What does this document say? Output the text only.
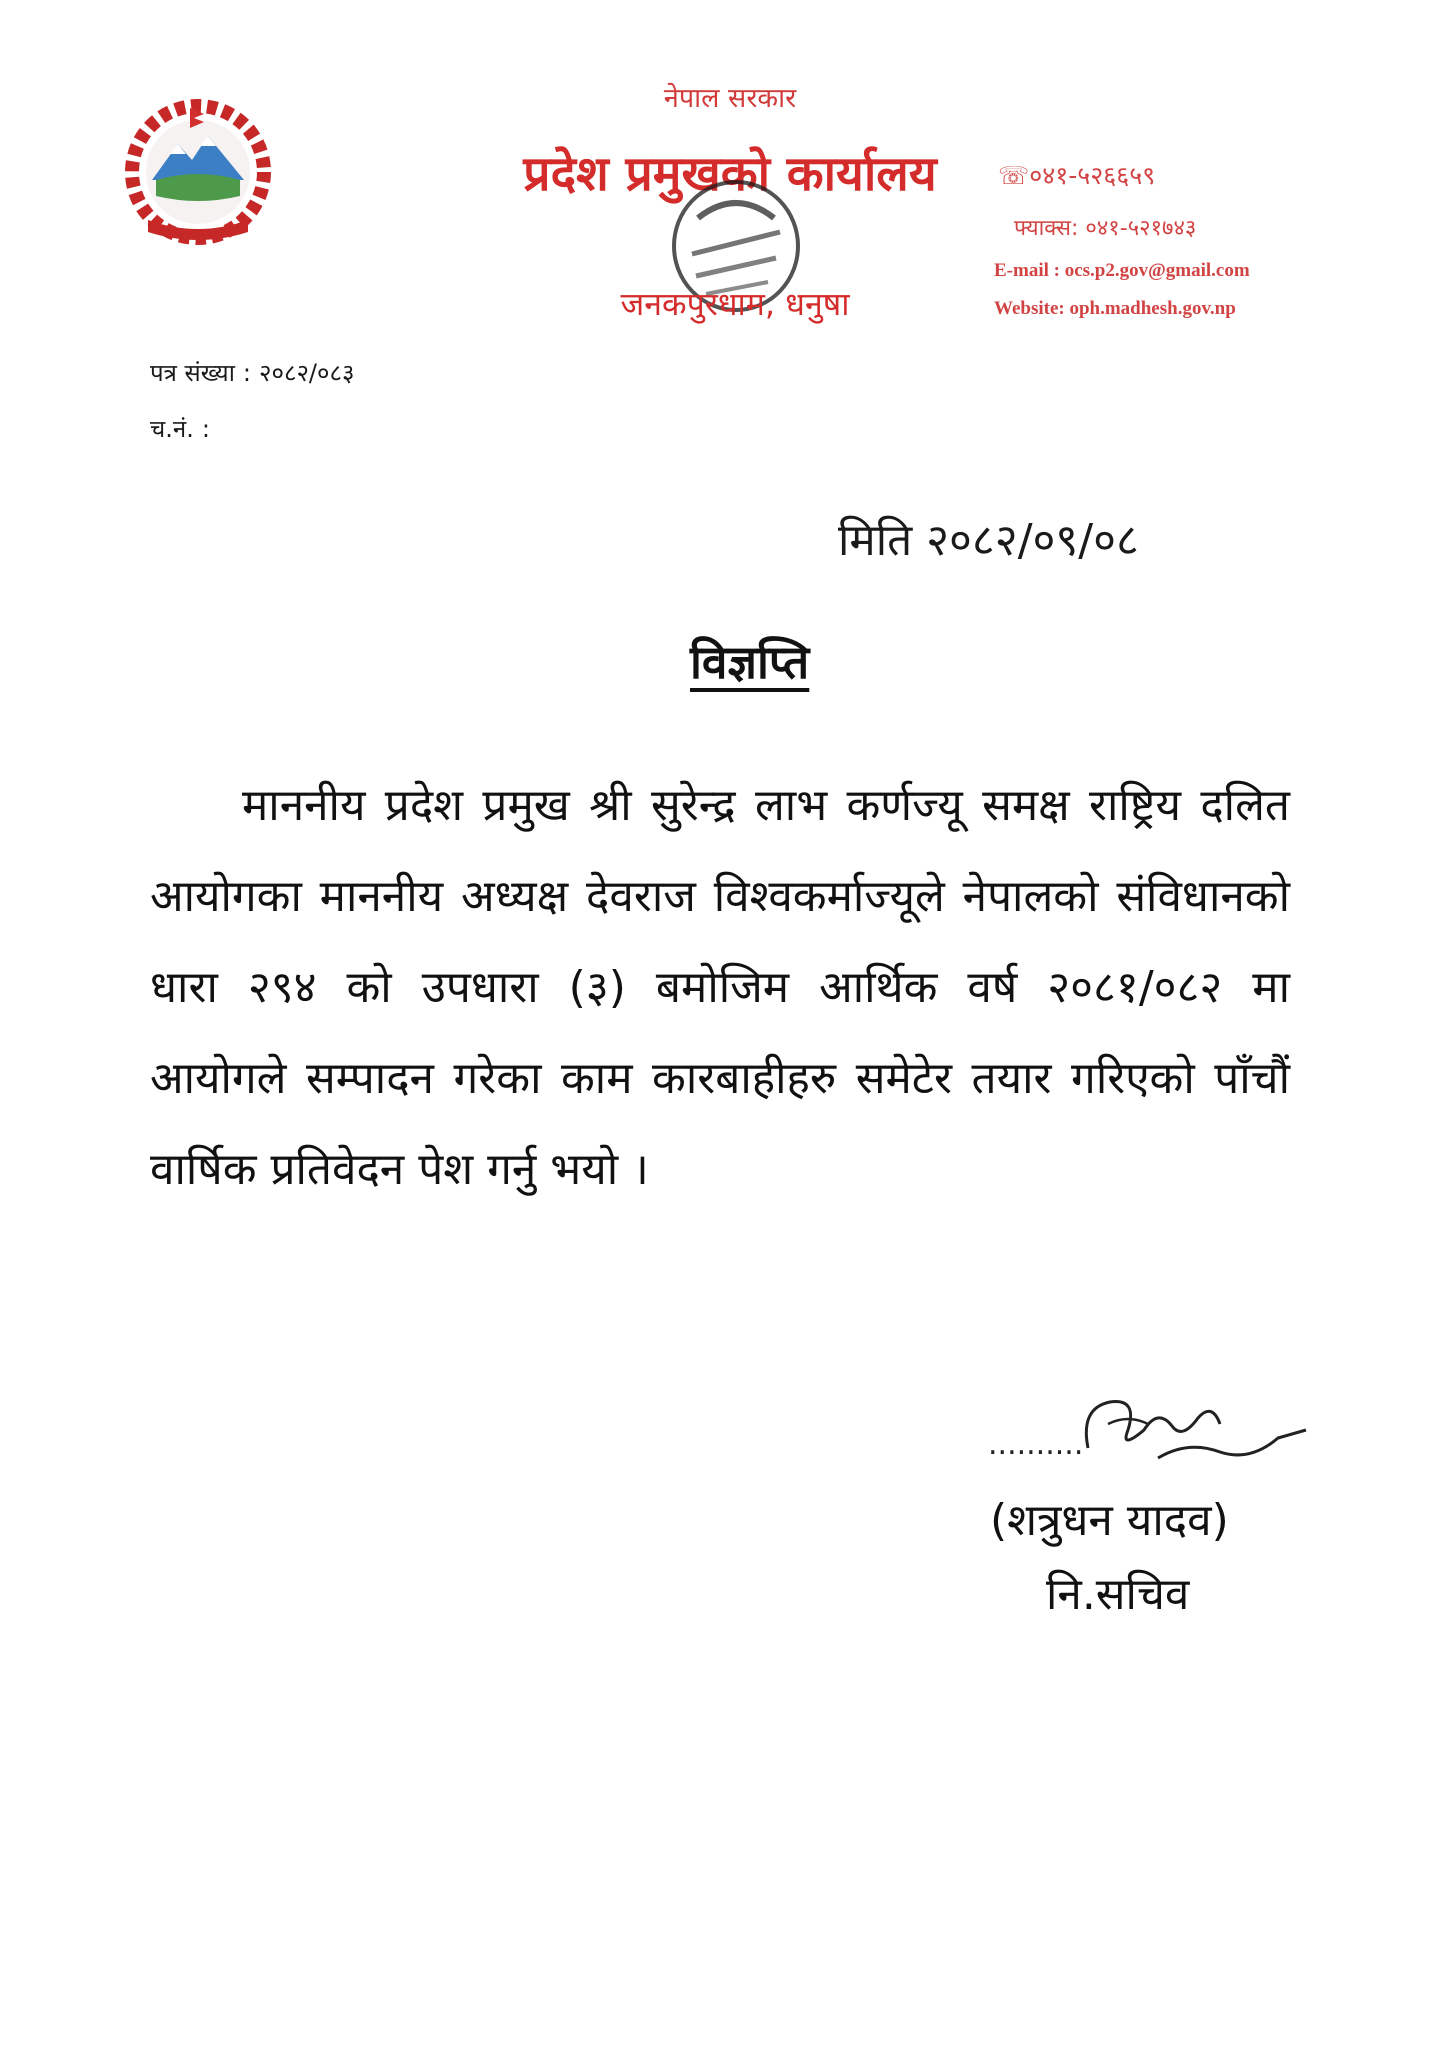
नेपाल सरकार
प्रदेश प्रमुखको कार्यालय
जनकपुरधाम, धनुषा
☏०४१-५२६६५९
फ्याक्स: ०४१-५२१७४३
E-mail : ocs.p2.gov@gmail.com
Website: oph.madhesh.gov.np
पत्र संख्या : २०८२/०८३
च.नं. :
मिति २०८२/०९/०८
विज्ञप्ति

माननीय प्रदेश प्रमुख श्री सुरेन्द्र लाभ कर्णज्यू समक्ष राष्ट्रिय दलित आयोगका माननीय अध्यक्ष देवराज विश्वकर्माज्यूले नेपालको संविधानको धारा २९४ को उपधारा (३) बमोजिम आर्थिक वर्ष २०८१/०८२ मा आयोगले सम्पादन गरेका काम कारबाहीहरु समेटेर तयार गरिएको पाँचौं वार्षिक प्रतिवेदन पेश गर्नु भयो ।

..........
(शत्रुधन यादव)
नि.सचिव
